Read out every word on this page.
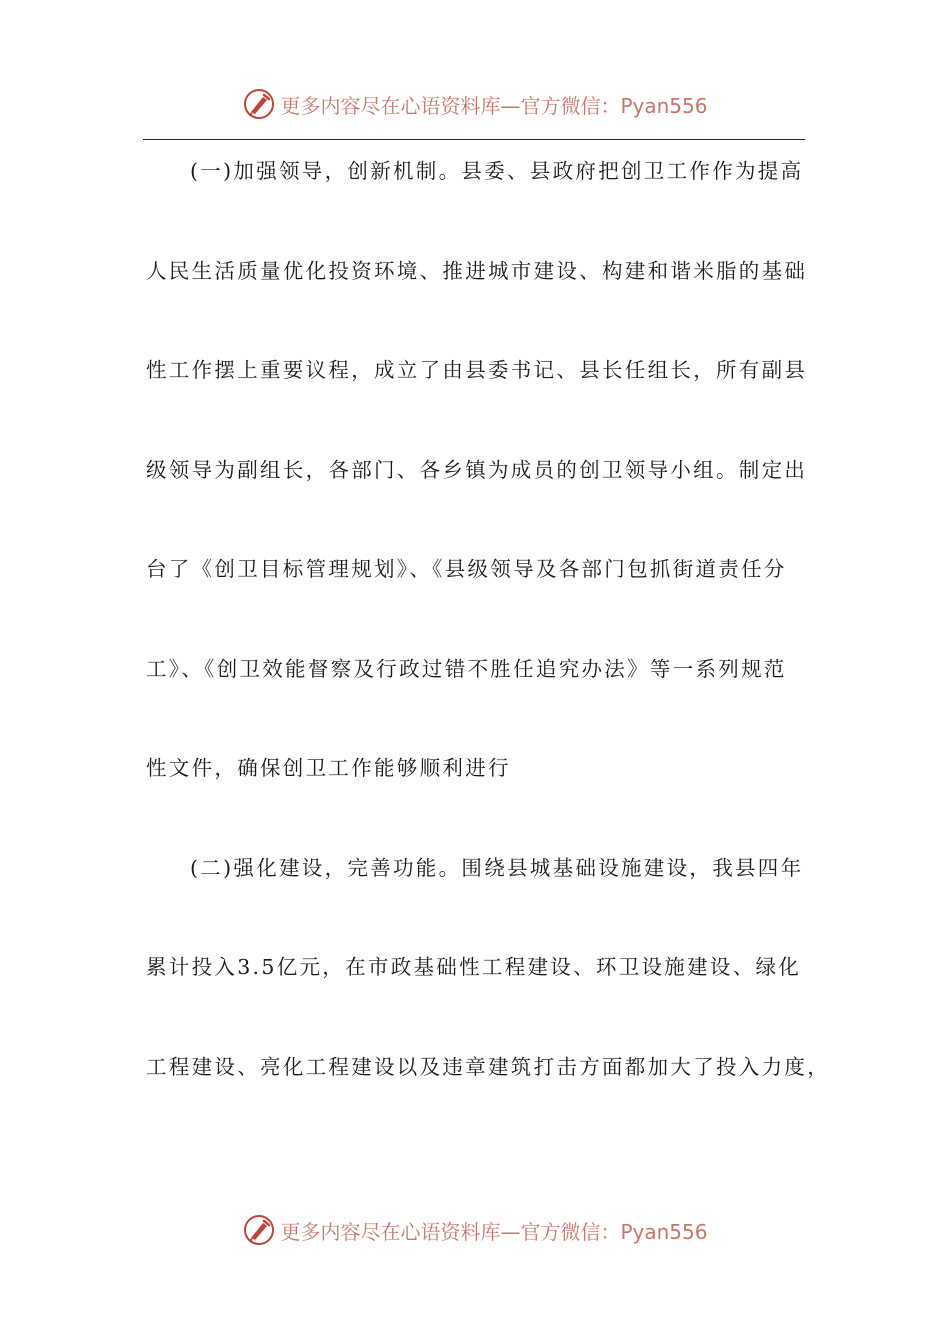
更多内容尽在心语资料库—官方微信：Pyan556
(一)加强领导，创新机制。县委、县政府把创卫工作作为提高
人民生活质量优化投资环境、推进城市建设、构建和谐米脂的基础
性工作摆上重要议程，成立了由县委书记、县长任组长，所有副县
级领导为副组长，各部门、各乡镇为成员的创卫领导小组。制定出
台了《创卫目标管理规划》、《县级领导及各部门包抓街道责任分
工》、《创卫效能督察及行政过错不胜任追究办法》等一系列规范
性文件，确保创卫工作能够顺利进行
(二)强化建设，完善功能。围绕县城基础设施建设，我县四年
累计投入3.5亿元，在市政基础性工程建设、环卫设施建设、绿化
工程建设、亮化工程建设以及违章建筑打击方面都加大了投入力度，
更多内容尽在心语资料库—官方微信：Pyan556
